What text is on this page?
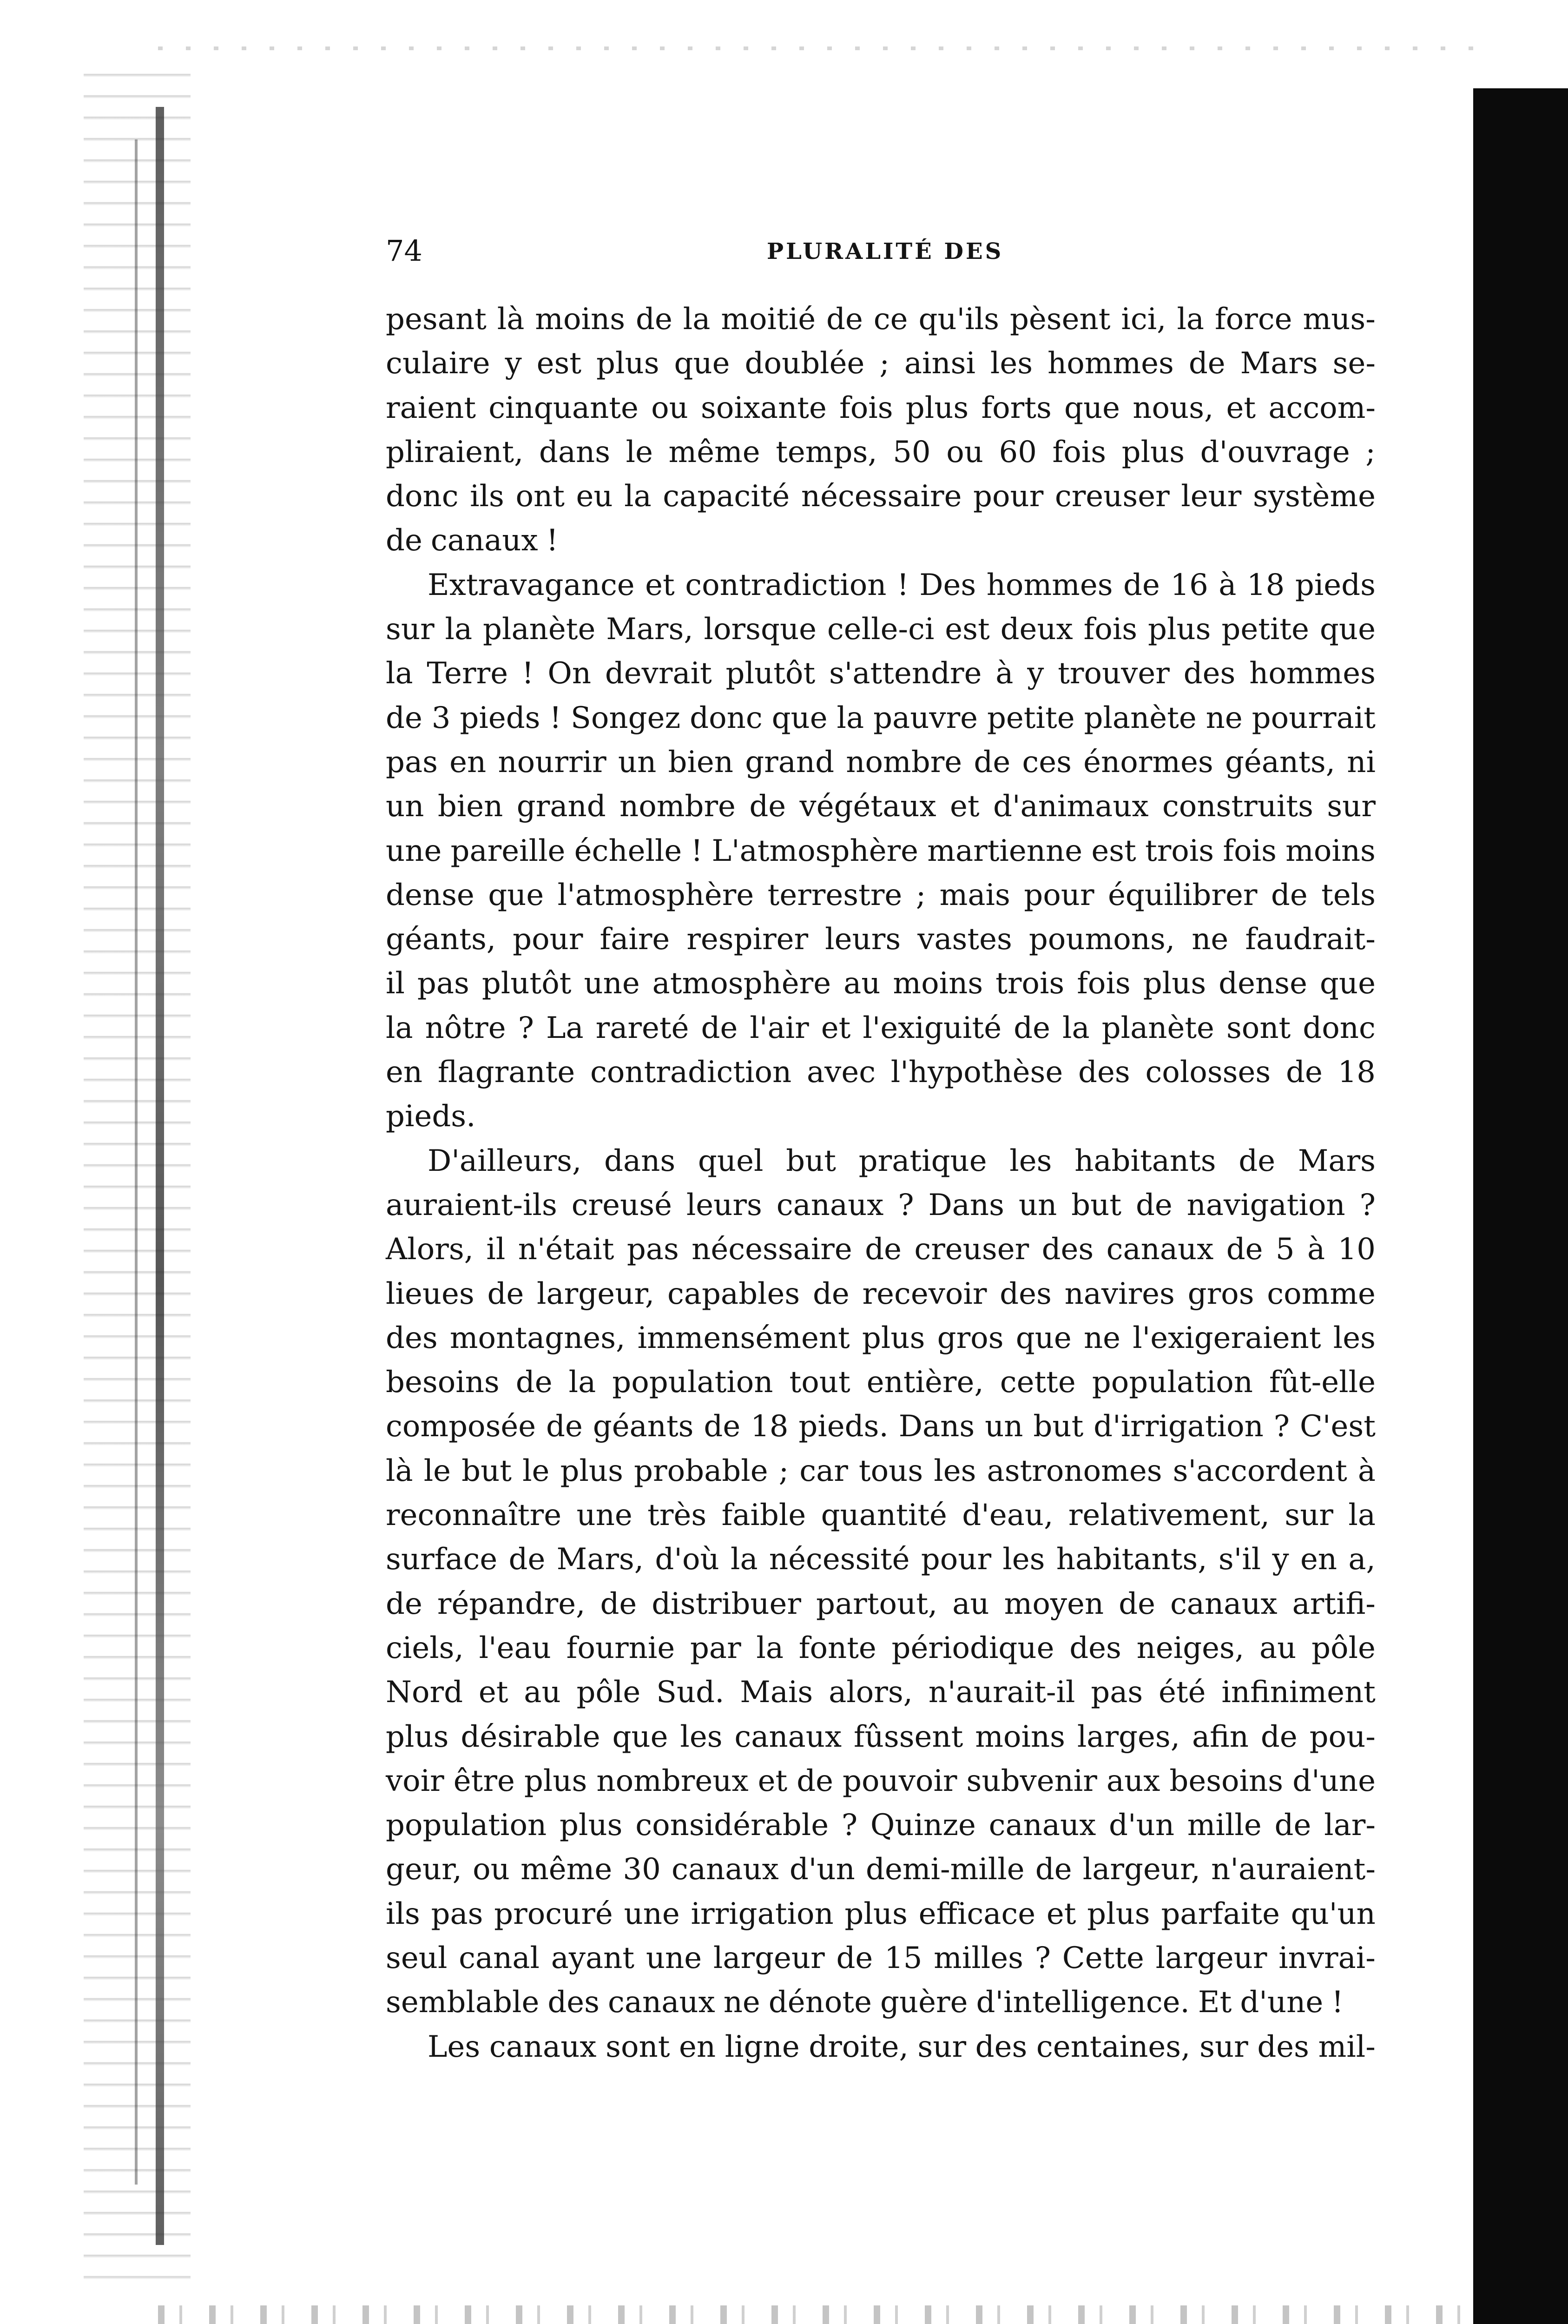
74	PLURALITÉ DES
pesant là moins de la moitié de ce qu'ils pèsent ici, la force mus-
culaire y est plus que doublée ; ainsi les hommes de Mars se-
raient cinquante ou soixante fois plus forts que nous, et accom-
pliraient, dans le même temps, 50 ou 60 fois plus d'ouvrage ;
donc ils ont eu la capacité nécessaire pour creuser leur système
de canaux !
Extravagance et contradiction ! Des hommes de 16 à 18 pieds
sur la planète Mars, lorsque celle-ci est deux fois plus petite que
la Terre ! On devrait plutôt s'attendre à y trouver des hommes
de 3 pieds ! Songez donc que la pauvre petite planète ne pourrait
pas en nourrir un bien grand nombre de ces énormes géants, ni
un bien grand nombre de végétaux et d'animaux construits sur
une pareille échelle ! L'atmosphère martienne est trois fois moins
dense que l'atmosphère terrestre ; mais pour équilibrer de tels
géants, pour faire respirer leurs vastes poumons, ne faudrait-
il pas plutôt une atmosphère au moins trois fois plus dense que
la nôtre ? La rareté de l'air et l'exiguité de la planète sont donc
en flagrante contradiction avec l'hypothèse des colosses de 18
pieds.
D'ailleurs, dans quel but pratique les habitants de Mars
auraient-ils creusé leurs canaux ? Dans un but de navigation ?
Alors, il n'était pas nécessaire de creuser des canaux de 5 à 10
lieues de largeur, capables de recevoir des navires gros comme
des montagnes, immensément plus gros que ne l'exigeraient les
besoins de la population tout entière, cette population fût-elle
composée de géants de 18 pieds. Dans un but d'irrigation ? C'est
là le but le plus probable ; car tous les astronomes s'accordent à
reconnaître une très faible quantité d'eau, relativement, sur la
surface de Mars, d'où la nécessité pour les habitants, s'il y en a,
de répandre, de distribuer partout, au moyen de canaux artifi-
ciels, l'eau fournie par la fonte périodique des neiges, au pôle
Nord et au pôle Sud. Mais alors, n'aurait-il pas été infiniment
plus désirable que les canaux fûssent moins larges, afin de pou-
voir être plus nombreux et de pouvoir subvenir aux besoins d'une
population plus considérable ? Quinze canaux d'un mille de lar-
geur, ou même 30 canaux d'un demi-mille de largeur, n'auraient-
ils pas procuré une irrigation plus efficace et plus parfaite qu'un
seul canal ayant une largeur de 15 milles ? Cette largeur invrai-
semblable des canaux ne dénote guère d'intelligence. Et d'une !
Les canaux sont en ligne droite, sur des centaines, sur des mil-
